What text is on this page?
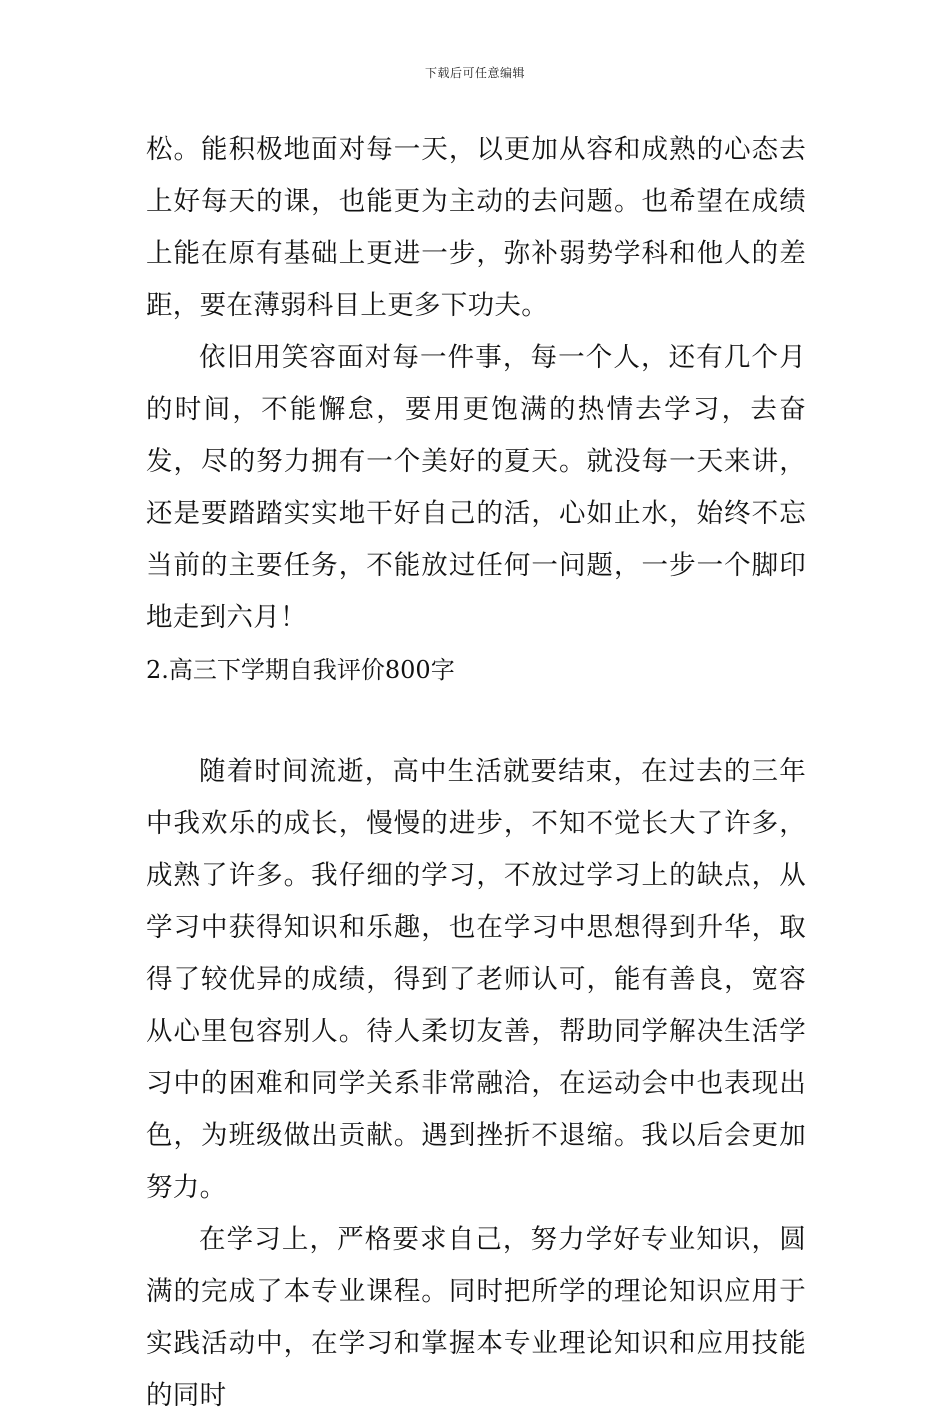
下载后可任意编辑

松。能积极地面对每一天，以更加从容和成熟的心态去上好每天的课，也能更为主动的去问题。也希望在成绩上能在原有基础上更进一步，弥补弱势学科和他人的差距，要在薄弱科目上更多下功夫。

依旧用笑容面对每一件事，每一个人，还有几个月的时间，不能懈怠，要用更饱满的热情去学习，去奋发，尽的努力拥有一个美好的夏天。就没每一天来讲，还是要踏踏实实地干好自己的活，心如止水，始终不忘当前的主要任务，不能放过任何一问题，一步一个脚印地走到六月！

2.高三下学期自我评价800字

随着时间流逝，高中生活就要结束，在过去的三年中我欢乐的成长，慢慢的进步，不知不觉长大了许多，成熟了许多。我仔细的学习，不放过学习上的缺点，从学习中获得知识和乐趣，也在学习中思想得到升华，取得了较优异的成绩，得到了老师认可，能有善良，宽容从心里包容别人。待人柔切友善，帮助同学解决生活学习中的困难和同学关系非常融洽，在运动会中也表现出色，为班级做出贡献。遇到挫折不退缩。我以后会更加努力。

在学习上，严格要求自己，努力学好专业知识，圆满的完成了本专业课程。同时把所学的理论知识应用于实践活动中，在学习和掌握本专业理论知识和应用技能的同时
